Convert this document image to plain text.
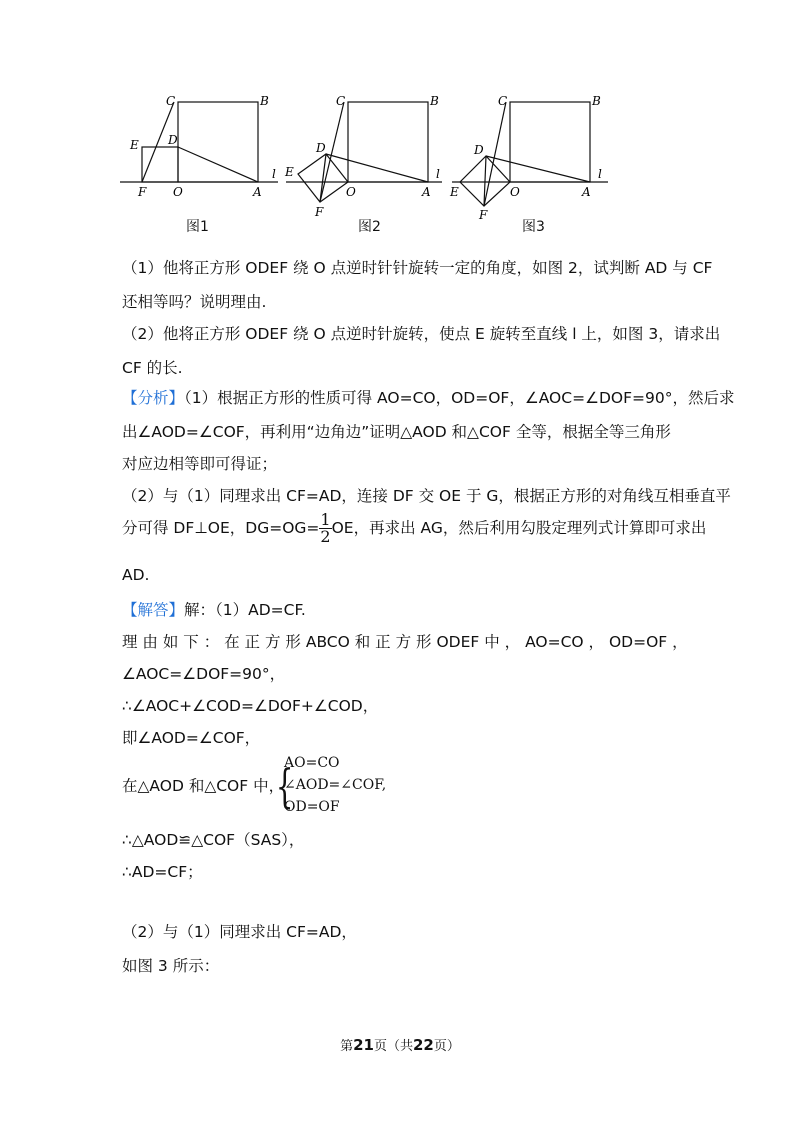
C	B
E D
F O	A
l
图1
C	B
D
E
O	A
F
l
图2
C	B
D
E	O	A
F
l
图3
（1）他将正方形 ODEF 绕 O 点逆时针针旋转一定的角度，如图 2，试判断 AD 与 CF
还相等吗？说明理由.
（2）他将正方形 ODEF 绕 O 点逆时针旋转，使点 E 旋转至直线 l 上，如图 3，请求出
CF 的长.
【分析】（1）根据正方形的性质可得 AO=CO，OD=OF，∠AOC=∠DOF=90°，然后求
出∠AOD=∠COF，再利用“边角边”证明△AOD 和△COF 全等，根据全等三角形
对应边相等即可得证；
（2）与（1）同理求出 CF=AD，连接 DF 交 OE 于 G，根据正方形的对角线互相垂直平
分可得 DF⊥OE，$DG=OG= \frac{1}{2}$ OE，再求出 AG，然后利用勾股定理列式计算即可求出
AD.
【解答】解：（1）AD=CF.
理 由 如 下 ： 在 正 方 形 ABCO 和 正 方 形 ODEF 中 ， AO=CO ， OD=OF ，
∠AOC=∠DOF=90°，
∴∠AOC+∠COD=∠DOF+∠COD，
即∠AOD=∠COF，
在△AOD 和△COF 中，
{
AO=CO
∠AOD=∠COF,
OD=OF
∴△AOD≌△COF（SAS），
∴AD=CF；
（2）与（1）同理求出 CF=AD，
如图 3 所示：
第21页（共22页）
